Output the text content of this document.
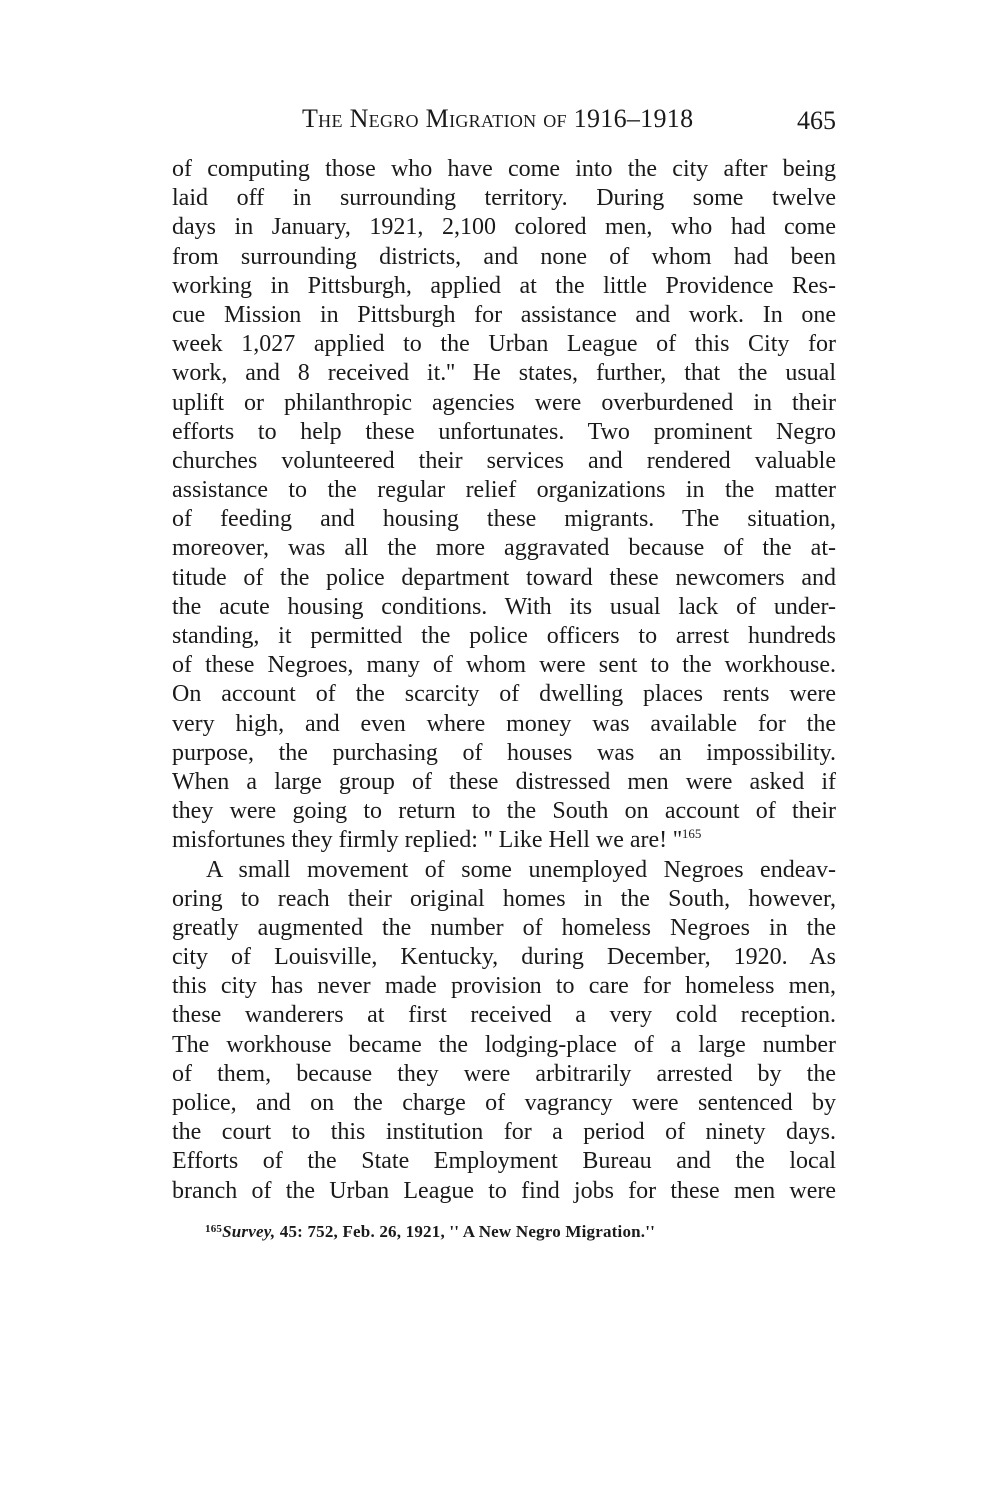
The Negro Migration of 1916–1918	465
of computing those who have come into the city after being
laid off in surrounding territory. During some twelve
days in January, 1921, 2,100 colored men, who had come
from surrounding districts, and none of whom had been
working in Pittsburgh, applied at the little Providence Res-
cue Mission in Pittsburgh for assistance and work. In one
week 1,027 applied to the Urban League of this City for
work, and 8 received it.'' He states, further, that the usual
uplift or philanthropic agencies were overburdened in their
efforts to help these unfortunates. Two prominent Negro
churches volunteered their services and rendered valuable
assistance to the regular relief organizations in the matter
of feeding and housing these migrants. The situation,
moreover, was all the more aggravated because of the at-
titude of the police department toward these newcomers and
the acute housing conditions. With its usual lack of under-
standing, it permitted the police officers to arrest hundreds
of these Negroes, many of whom were sent to the workhouse.
On account of the scarcity of dwelling places rents were
very high, and even where money was available for the
purpose, the purchasing of houses was an impossibility.
When a large group of these distressed men were asked if
they were going to return to the South on account of their
misfortunes they firmly replied: '' Like Hell we are! ''$^{165}$
A small movement of some unemployed Negroes endeav-
oring to reach their original homes in the South, however,
greatly augmented the number of homeless Negroes in the
city of Louisville, Kentucky, during December, 1920. As
this city has never made provision to care for homeless men,
these wanderers at first received a very cold reception.
The workhouse became the lodging-place of a large number
of them, because they were arbitrarily arrested by the
police, and on the charge of vagrancy were sentenced by
the court to this institution for a period of ninety days.
Efforts of the State Employment Bureau and the local
branch of the Urban League to find jobs for these men were
$^{165}$Survey, 45: 752, Feb. 26, 1921, '' A New Negro Migration.''
